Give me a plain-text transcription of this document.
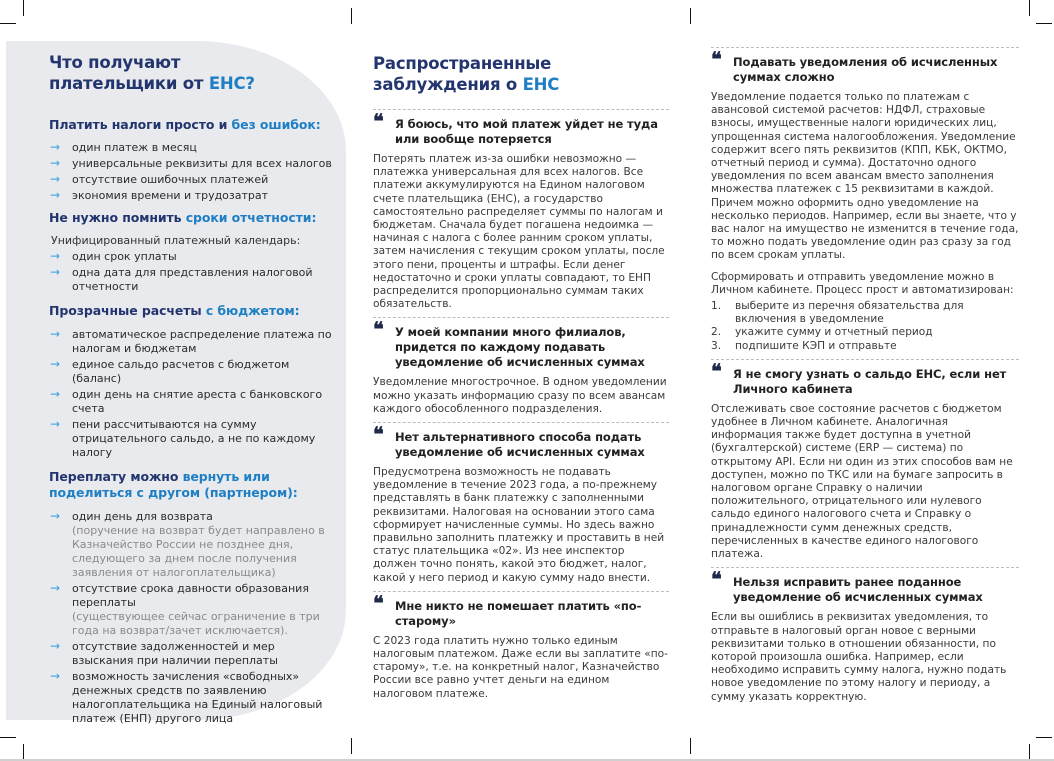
Что получают
плательщики от ЕНС?
Платить налоги просто и без ошибок:
→ один платеж в месяц
→ универсальные реквизиты для всех налогов
→ отсутствие ошибочных платежей
→ экономия времени и трудозатрат
Не нужно помнить сроки отчетности:
Унифицированный платежный календарь:
→ один срок уплаты
→ одна дата для представления налоговой отчетности
Прозрачные расчеты с бюджетом:
→ автоматическое распределение платежа по налогам и бюджетам
→ единое сальдо расчетов с бюджетом (баланс)
→ один день на снятие ареста с банковского счета
→ пени рассчитываются на сумму отрицательного сальдо, а не по каждому налогу
Переплату можно вернуть или поделиться с другом (партнером):
→ один день для возврата
(поручение на возврат будет направлено в Казначейство России не позднее дня, следующего за днем после получения заявления от налогоплательщика)
→ отсутствие срока давности образования переплаты
(существующее сейчас ограничение в три года на возврат/зачет исключается).
→ отсутствие задолженностей и мер взыскания при наличии переплаты
→ возможность зачисления «свободных» денежных средств по заявлению налогоплательщика на Единый налоговый платеж (ЕНП) другого лица
Распространенные
заблуждения о ЕНС
❝ Я боюсь, что мой платеж уйдет не туда или вообще потеряется
Потерять платеж из-за ошибки невозможно — платежка универсальная для всех налогов. Все платежи аккумулируются на Едином налоговом счете плательщика (ЕНС), а государство самостоятельно распределяет суммы по налогам и бюджетам. Сначала будет погашена недоимка — начиная с налога с более ранним сроком уплаты, затем начисления с текущим сроком уплаты, после этого пени, проценты и штрафы. Если денег недостаточно и сроки уплаты совпадают, то ЕНП распределится пропорционально суммам таких обязательств.
❝ У моей компании много филиалов, придется по каждому подавать уведомление об исчисленных суммах
Уведомление многострочное. В одном уведомлении можно указать информацию сразу по всем авансам каждого обособленного подразделения.
❝ Нет альтернативного способа подать уведомление об исчисленных суммах
Предусмотрена возможность не подавать уведомление в течение 2023 года, а по-прежнему представлять в банк платежку с заполненными реквизитами. Налоговая на основании этого сама сформирует начисленные суммы. Но здесь важно правильно заполнить платежку и проставить в ней статус плательщика «02». Из нее инспектор должен точно понять, какой это бюджет, налог, какой у него период и какую сумму надо внести.
❝ Мне никто не помешает платить «по-старому»
С 2023 года платить нужно только единым налоговым платежом. Даже если вы заплатите «по-старому», т.е. на конкретный налог, Казначейство России все равно учтет деньги на едином налоговом платеже.
❝ Подавать уведомления об исчисленных суммах сложно
Уведомление подается только по платежам с авансовой системой расчетов: НДФЛ, страховые взносы, имущественные налоги юридических лиц, упрощенная система налогообложения. Уведомление содержит всего пять реквизитов (КПП, КБК, ОКТМО, отчетный период и сумма). Достаточно одного уведомления по всем авансам вместо заполнения множества платежек с 15 реквизитами в каждой. Причем можно оформить одно уведомление на несколько периодов. Например, если вы знаете, что у вас налог на имущество не изменится в течение года, то можно подать уведомление один раз сразу за год по всем срокам уплаты.
Сформировать и отправить уведомление можно в Личном кабинете. Процесс прост и автоматизирован:
1. выберите из перечня обязательства для включения в уведомление
2. укажите сумму и отчетный период
3. подпишите КЭП и отправьте
❝ Я не смогу узнать о сальдо ЕНС, если нет Личного кабинета
Отслеживать свое состояние расчетов с бюджетом удобнее в Личном кабинете. Аналогичная информация также будет доступна в учетной (бухгалтерской) системе (ERP — система) по открытому API. Если ни один из этих способов вам не доступен, можно по ТКС или на бумаге запросить в налоговом органе Справку о наличии положительного, отрицательного или нулевого сальдо единого налогового счета и Справку о принадлежности сумм денежных средств, перечисленных в качестве единого налогового платежа.
❝ Нельзя исправить ранее поданное уведомление об исчисленных суммах
Если вы ошиблись в реквизитах уведомления, то отправьте в налоговый орган новое с верными реквизитами только в отношении обязанности, по которой произошла ошибка. Например, если необходимо исправить сумму налога, нужно подать новое уведомление по этому налогу и периоду, а сумму указать корректную.
